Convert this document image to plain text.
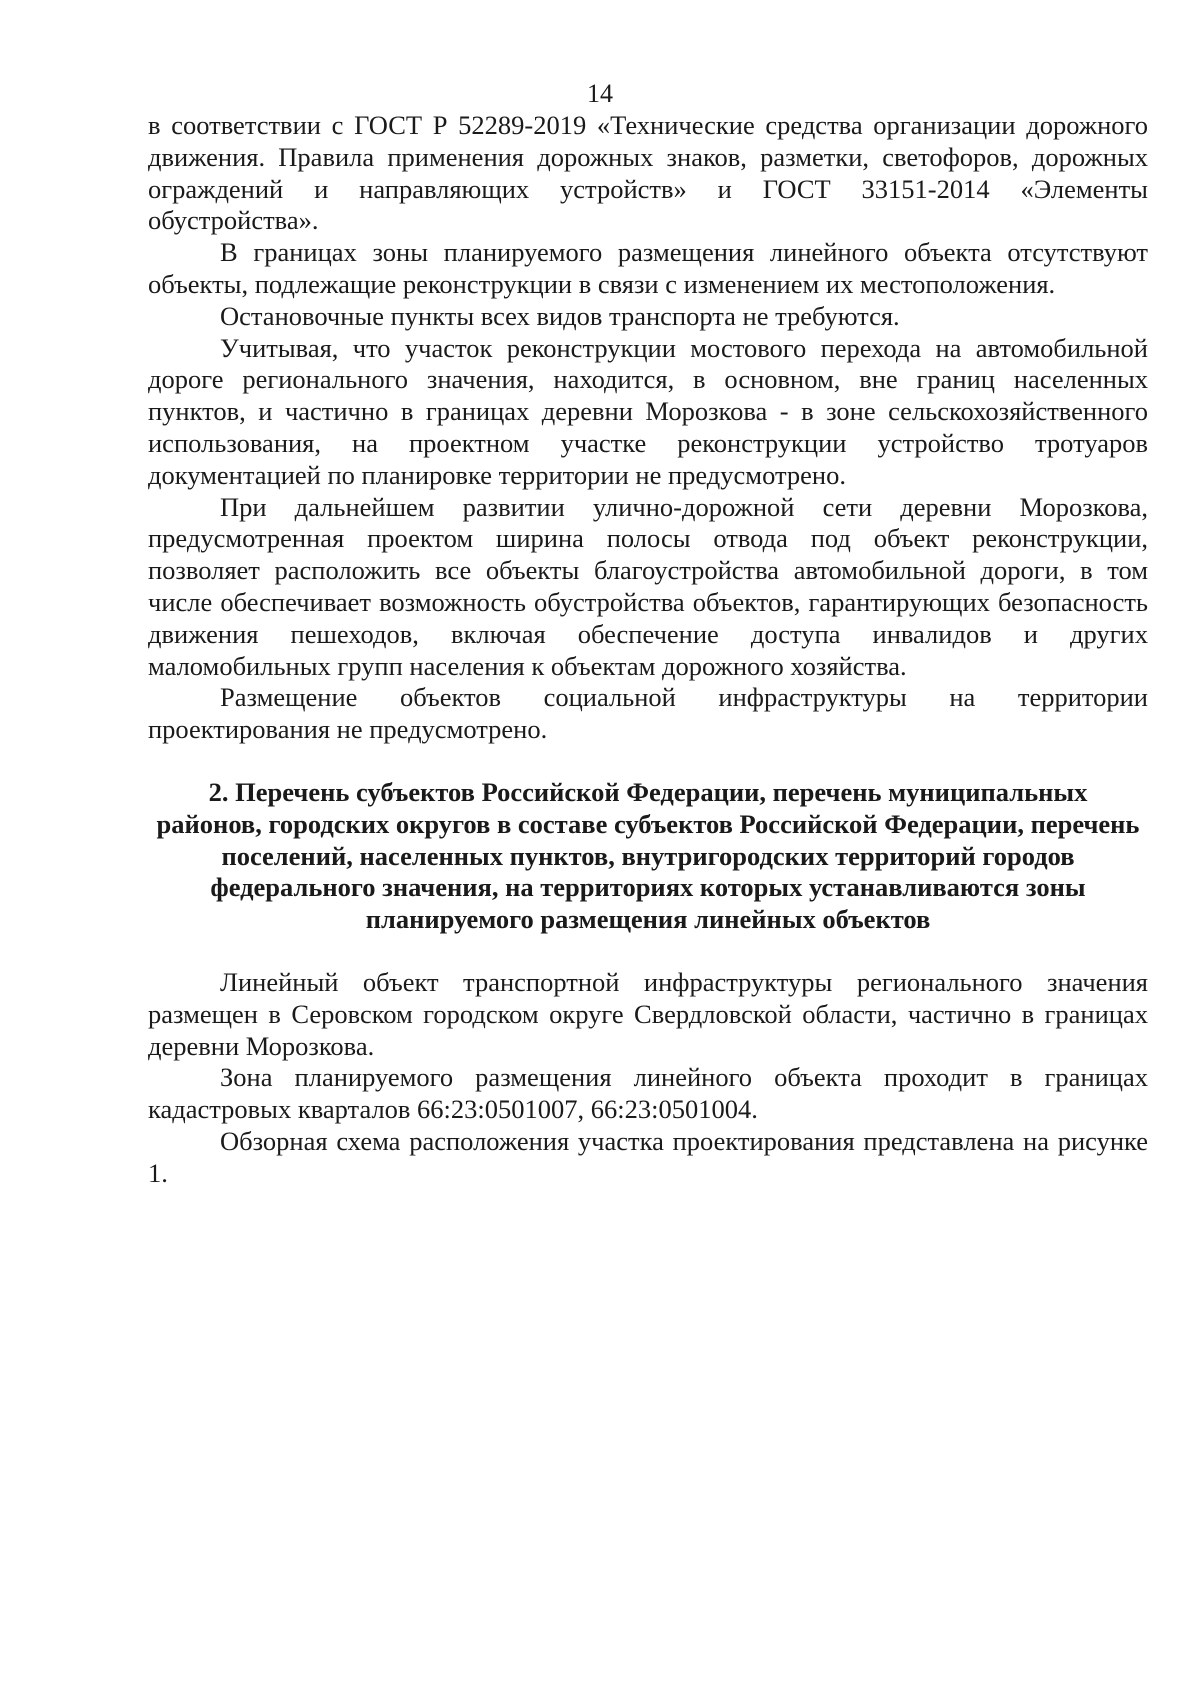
14

в соответствии с ГОСТ Р 52289-2019 «Технические средства организации дорожного движения. Правила применения дорожных знаков, разметки, светофоров, дорожных ограждений и направляющих устройств» и ГОСТ 33151-2014 «Элементы обустройства».

В границах зоны планируемого размещения линейного объекта отсутствуют объекты, подлежащие реконструкции в связи с изменением их местоположения.

Остановочные пункты всех видов транспорта не требуются.

Учитывая, что участок реконструкции мостового перехода на автомобильной дороге регионального значения, находится, в основном, вне границ населенных пунктов, и частично в границах деревни Морозкова - в зоне сельскохозяйственного использования, на проектном участке реконструкции устройство тротуаров документацией по планировке территории не предусмотрено.

При дальнейшем развитии улично-дорожной сети деревни Морозкова, предусмотренная проектом ширина полосы отвода под объект реконструкции, позволяет расположить все объекты благоустройства автомобильной дороги, в том числе обеспечивает возможность обустройства объектов, гарантирующих безопасность движения пешеходов, включая обеспечение доступа инвалидов и других маломобильных групп населения к объектам дорожного хозяйства.

Размещение объектов социальной инфраструктуры на территории проектирования не предусмотрено.

2. Перечень субъектов Российской Федерации, перечень муниципальных районов, городских округов в составе субъектов Российской Федерации, перечень поселений, населенных пунктов, внутригородских территорий городов федерального значения, на территориях которых устанавливаются зоны планируемого размещения линейных объектов

Линейный объект транспортной инфраструктуры регионального значения размещен в Серовском городском округе Свердловской области, частично в границах деревни Морозкова.

Зона планируемого размещения линейного объекта проходит в границах кадастровых кварталов 66:23:0501007, 66:23:0501004.

Обзорная схема расположения участка проектирования представлена на рисунке 1.
